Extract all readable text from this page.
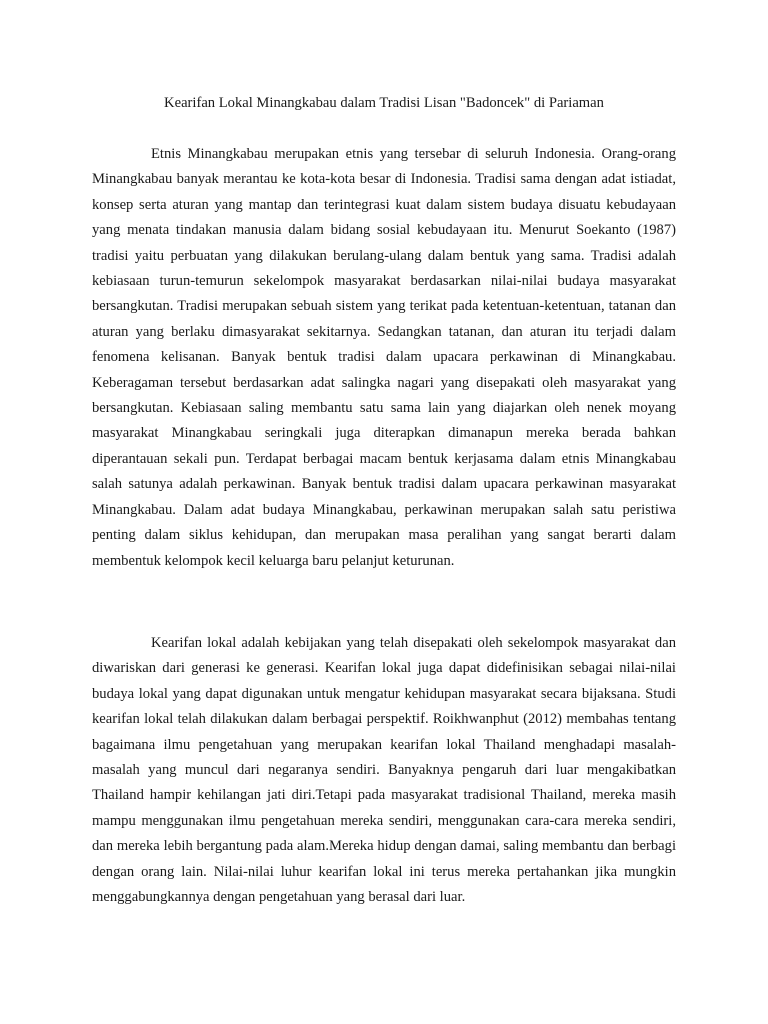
Kearifan Lokal Minangkabau dalam Tradisi Lisan "Badoncek" di Pariaman

Etnis Minangkabau merupakan etnis yang tersebar di seluruh Indonesia. Orang-orang Minangkabau banyak merantau ke kota-kota besar di Indonesia. Tradisi sama dengan adat istiadat, konsep serta aturan yang mantap dan terintegrasi kuat dalam sistem budaya disuatu kebudayaan yang menata tindakan manusia dalam bidang sosial kebudayaan itu. Menurut Soekanto (1987) tradisi yaitu perbuatan yang dilakukan berulang-ulang dalam bentuk yang sama. Tradisi adalah kebiasaan turun-temurun sekelompok masyarakat berdasarkan nilai-nilai budaya masyarakat bersangkutan. Tradisi merupakan sebuah sistem yang terikat pada ketentuan-ketentuan, tatanan dan aturan yang berlaku dimasyarakat sekitarnya. Sedangkan tatanan, dan aturan itu terjadi dalam fenomena kelisanan. Banyak bentuk tradisi dalam upacara perkawinan di Minangkabau. Keberagaman tersebut berdasarkan adat salingka nagari yang disepakati oleh masyarakat yang bersangkutan. Kebiasaan saling membantu satu sama lain yang diajarkan oleh nenek moyang masyarakat Minangkabau seringkali juga diterapkan dimanapun mereka berada bahkan diperantauan sekali pun. Terdapat berbagai macam bentuk kerjasama dalam etnis Minangkabau salah satunya adalah perkawinan. Banyak bentuk tradisi dalam upacara perkawinan masyarakat Minangkabau. Dalam adat budaya Minangkabau, perkawinan merupakan salah satu peristiwa penting dalam siklus kehidupan, dan merupakan masa peralihan yang sangat berarti dalam membentuk kelompok kecil keluarga baru pelanjut keturunan.

Kearifan lokal adalah kebijakan yang telah disepakati oleh sekelompok masyarakat dan diwariskan dari generasi ke generasi. Kearifan lokal juga dapat didefinisikan sebagai nilai-nilai budaya lokal yang dapat digunakan untuk mengatur kehidupan masyarakat secara bijaksana. Studi kearifan lokal telah dilakukan dalam berbagai perspektif. Roikhwanphut (2012) membahas tentang bagaimana ilmu pengetahuan yang merupakan kearifan lokal Thailand menghadapi masalah-masalah yang muncul dari negaranya sendiri. Banyaknya pengaruh dari luar mengakibatkan Thailand hampir kehilangan jati diri.Tetapi pada masyarakat tradisional Thailand, mereka masih mampu menggunakan ilmu pengetahuan mereka sendiri, menggunakan cara-cara mereka sendiri, dan mereka lebih bergantung pada alam.Mereka hidup dengan damai, saling membantu dan berbagi dengan orang lain. Nilai-nilai luhur kearifan lokal ini terus mereka pertahankan jika mungkin menggabungkannya dengan pengetahuan yang berasal dari luar.
